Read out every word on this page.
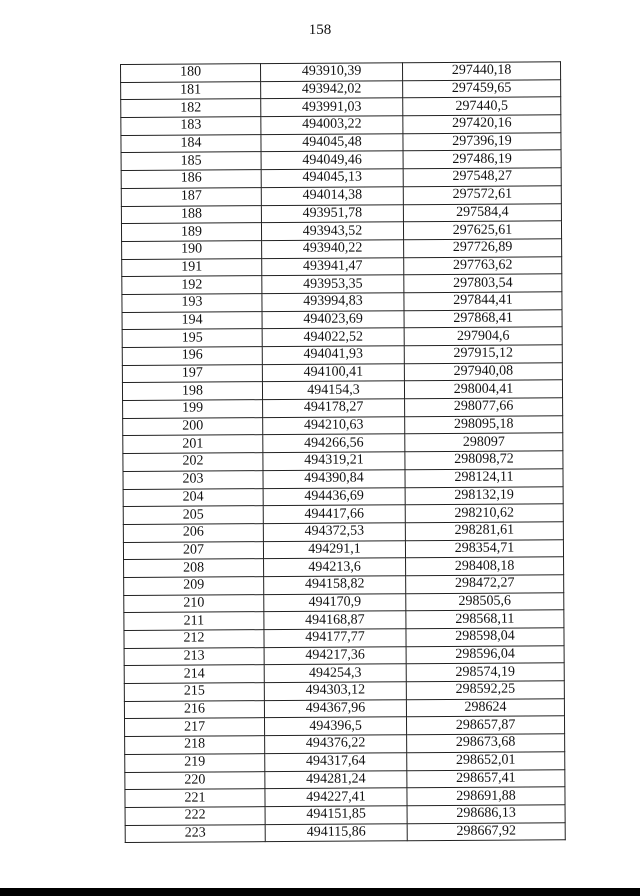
158
180	493910,39	297440,18
181	493942,02	297459,65
182	493991,03	297440,5
183	494003,22	297420,16
184	494045,48	297396,19
185	494049,46	297486,19
186	494045,13	297548,27
187	494014,38	297572,61
188	493951,78	297584,4
189	493943,52	297625,61
190	493940,22	297726,89
191	493941,47	297763,62
192	493953,35	297803,54
193	493994,83	297844,41
194	494023,69	297868,41
195	494022,52	297904,6
196	494041,93	297915,12
197	494100,41	297940,08
198	494154,3	298004,41
199	494178,27	298077,66
200	494210,63	298095,18
201	494266,56	298097
202	494319,21	298098,72
203	494390,84	298124,11
204	494436,69	298132,19
205	494417,66	298210,62
206	494372,53	298281,61
207	494291,1	298354,71
208	494213,6	298408,18
209	494158,82	298472,27
210	494170,9	298505,6
211	494168,87	298568,11
212	494177,77	298598,04
213	494217,36	298596,04
214	494254,3	298574,19
215	494303,12	298592,25
216	494367,96	298624
217	494396,5	298657,87
218	494376,22	298673,68
219	494317,64	298652,01
220	494281,24	298657,41
221	494227,41	298691,88
222	494151,85	298686,13
223	494115,86	298667,92
